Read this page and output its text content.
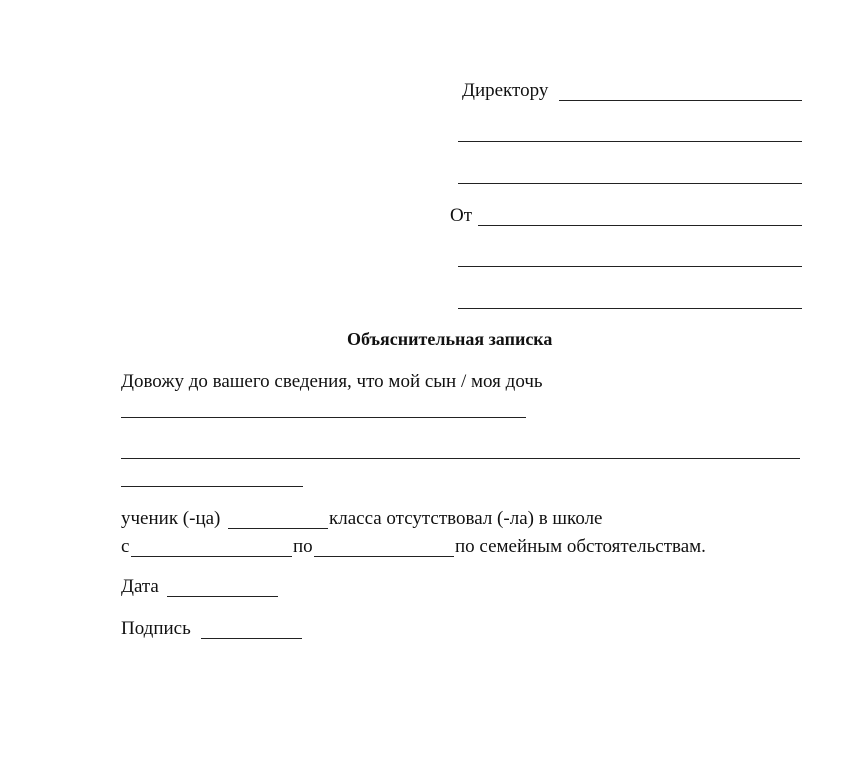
Директору
От
Объяснительная записка
Довожу до вашего сведения, что мой сын / моя дочь
ученик (-ца)	класса отсутствовал (-ла) в школе
с	по	по семейным обстоятельствам.
Дата
Подпись
